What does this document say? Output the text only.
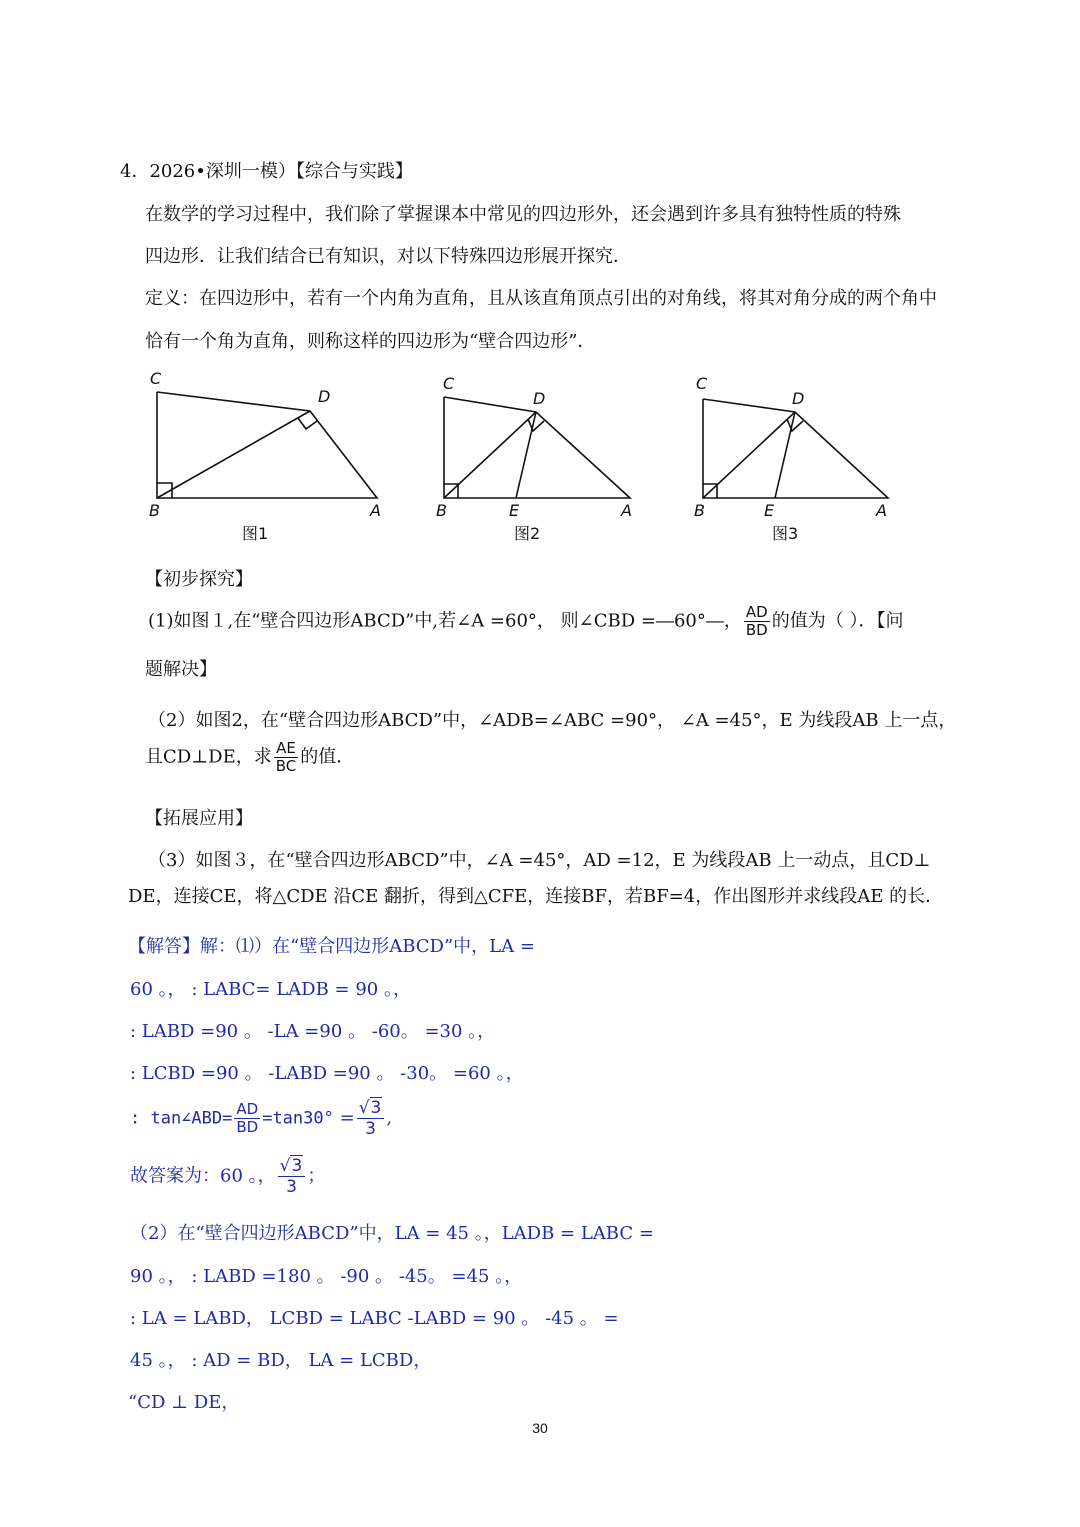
4．2026•深圳一模）【综合与实践】
在数学的学习过程中，我们除了掌握课本中常见的四边形外，还会遇到许多具有独特性质的特殊
四边形．让我们结合已有知识，对以下特殊四边形展开探究．
定义：在四边形中，若有一个内角为直角，且从该直角顶点引出的对角线，将其对角分成的两个角中
恰有一个角为直角，则称这样的四边形为“壁合四边形”．
C
D
B	A
C
D
B	E	A
C
D
B	E	A
图1	图2	图3
【初步探究】
(1)如图１,在“壁合四边形ABCD”中,若∠A =60°， 则∠CBD =―60°―， $\frac{AD}{BD}$ 的值为（ ）．【问
题解决】
（2）如图2，在“壁合四边形ABCD”中，∠ADB=∠ABC =90°， ∠A =45°，E 为线段AB 上一点，
且CD⊥DE，求 $\frac{AE}{BC}$ 的值．
【拓展应用】
（3）如图３，在“壁合四边形ABCD”中，∠A =45°，AD =12，E 为线段AB 上一动点，且CD⊥
DE，连接CE，将△CDE 沿CE 翻折，得到△CFE，连接BF，若BF=4，作出图形并求线段AE 的长．
【解答】解：⑴）在“壁合四边形ABCD”中，LA =
60 。， : LABC= LADB = 90 。，
: LABD =90 。 -LA =90 。 -60。 =30 。，
: LCBD =90 。 -LABD =90 。 -30。 =60 。，
: tan∠ABD= $\frac{AD}{BD} =\tan 30^\circ = \frac{√3}{3}$ ,
故答案为：60 。， $\frac{√3}{3}$ ；
（2）在“壁合四边形ABCD”中，LA = 45 。，LADB = LABC =
90 。， : LABD =180 。 -90 。 -45。 =45 。，
: LA = LABD， LCBD = LABC -LABD = 90 。 -45 。 =
45 。， : AD = BD， LA = LCBD，
“CD ⊥ DE，
30
